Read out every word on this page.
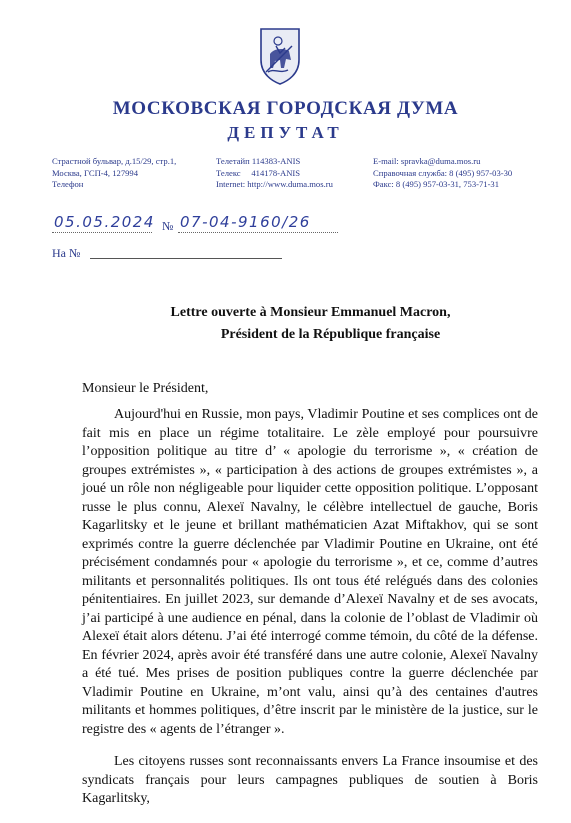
МОСКОВСКАЯ ГОРОДСКАЯ ДУМА
ДЕПУТАТ
Страстной бульвар, д.15/29, стр.1,
Москва, ГСП-4, 127994
Телефон
Телетайп 114383-ANIS
Телекс     414178-ANIS
Internet: http://www.duma.mos.ru
E-mail: spravka@duma.mos.ru
Справочная служба: 8 (495) 957-03-30
Факс: 8 (495) 957-03-31, 753-71-31
05.05.2024 № 07-04-9160/26
На №
Lettre ouverte à Monsieur Emmanuel Macron,
Président de la République française
Monsieur le Président,

Aujourd'hui en Russie, mon pays, Vladimir Poutine et ses complices ont de fait mis en place un régime totalitaire. Le zèle employé pour poursuivre l’opposition politique au titre d’ « apologie du terrorisme », « création de groupes extrémistes », « participation à des actions de groupes extrémistes », a joué un rôle non négligeable pour liquider cette opposition politique. L’opposant russe le plus connu, Alexeï Navalny, le célèbre intellectuel de gauche, Boris Kagarlitsky et le jeune et brillant mathématicien Azat Miftakhov, qui se sont exprimés contre la guerre déclenchée par Vladimir Poutine en Ukraine, ont été précisément condamnés pour « apologie du terrorisme », et ce, comme d’autres militants et personnalités politiques. Ils ont tous été relégués dans des colonies pénitentiaires. En juillet 2023, sur demande d’Alexeï Navalny et de ses avocats, j’ai participé à une audience en pénal, dans la colonie de l’oblast de Vladimir où Alexeï était alors détenu. J’ai été interrogé comme témoin, du côté de la défense. En février 2024, après avoir été transféré dans une autre colonie, Alexeï Navalny a été tué. Mes prises de position publiques contre la guerre déclenchée par Vladimir Poutine en Ukraine, m’ont valu, ainsi qu’à des centaines d'autres militants et hommes politiques, d’être inscrit par le ministère de la justice, sur le registre des « agents de l’étranger ».

Les citoyens russes sont reconnaissants envers La France insoumise et des syndicats français pour leurs campagnes publiques de soutien à Boris Kagarlitsky,
